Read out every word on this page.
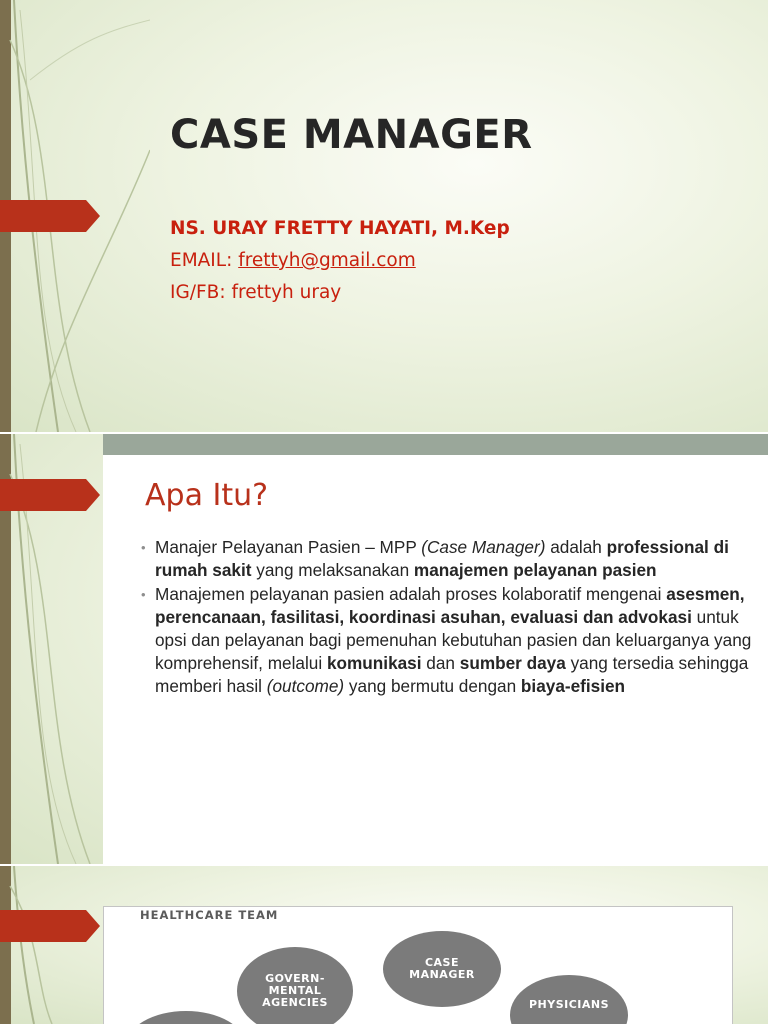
CASE MANAGER
NS. URAY FRETTY HAYATI, M.Kep
EMAIL: frettyh@gmail.com
IG/FB: frettyh uray
Apa Itu?
• Manajer Pelayanan Pasien – MPP (Case Manager) adalah professional di rumah sakit yang melaksanakan manajemen pelayanan pasien
• Manajemen pelayanan pasien adalah proses kolaboratif mengenai asesmen, perencanaan, fasilitasi, koordinasi asuhan, evaluasi dan advokasi untuk opsi dan pelayanan bagi pemenuhan kebutuhan pasien dan keluarganya yang komprehensif, melalui komunikasi dan sumber daya yang tersedia sehingga memberi hasil (outcome) yang bermutu dengan biaya-efisien
HEALTHCARE TEAM
GOVERN-
MENTAL
AGENCIES
CASE
MANAGER
PHYSICIANS
